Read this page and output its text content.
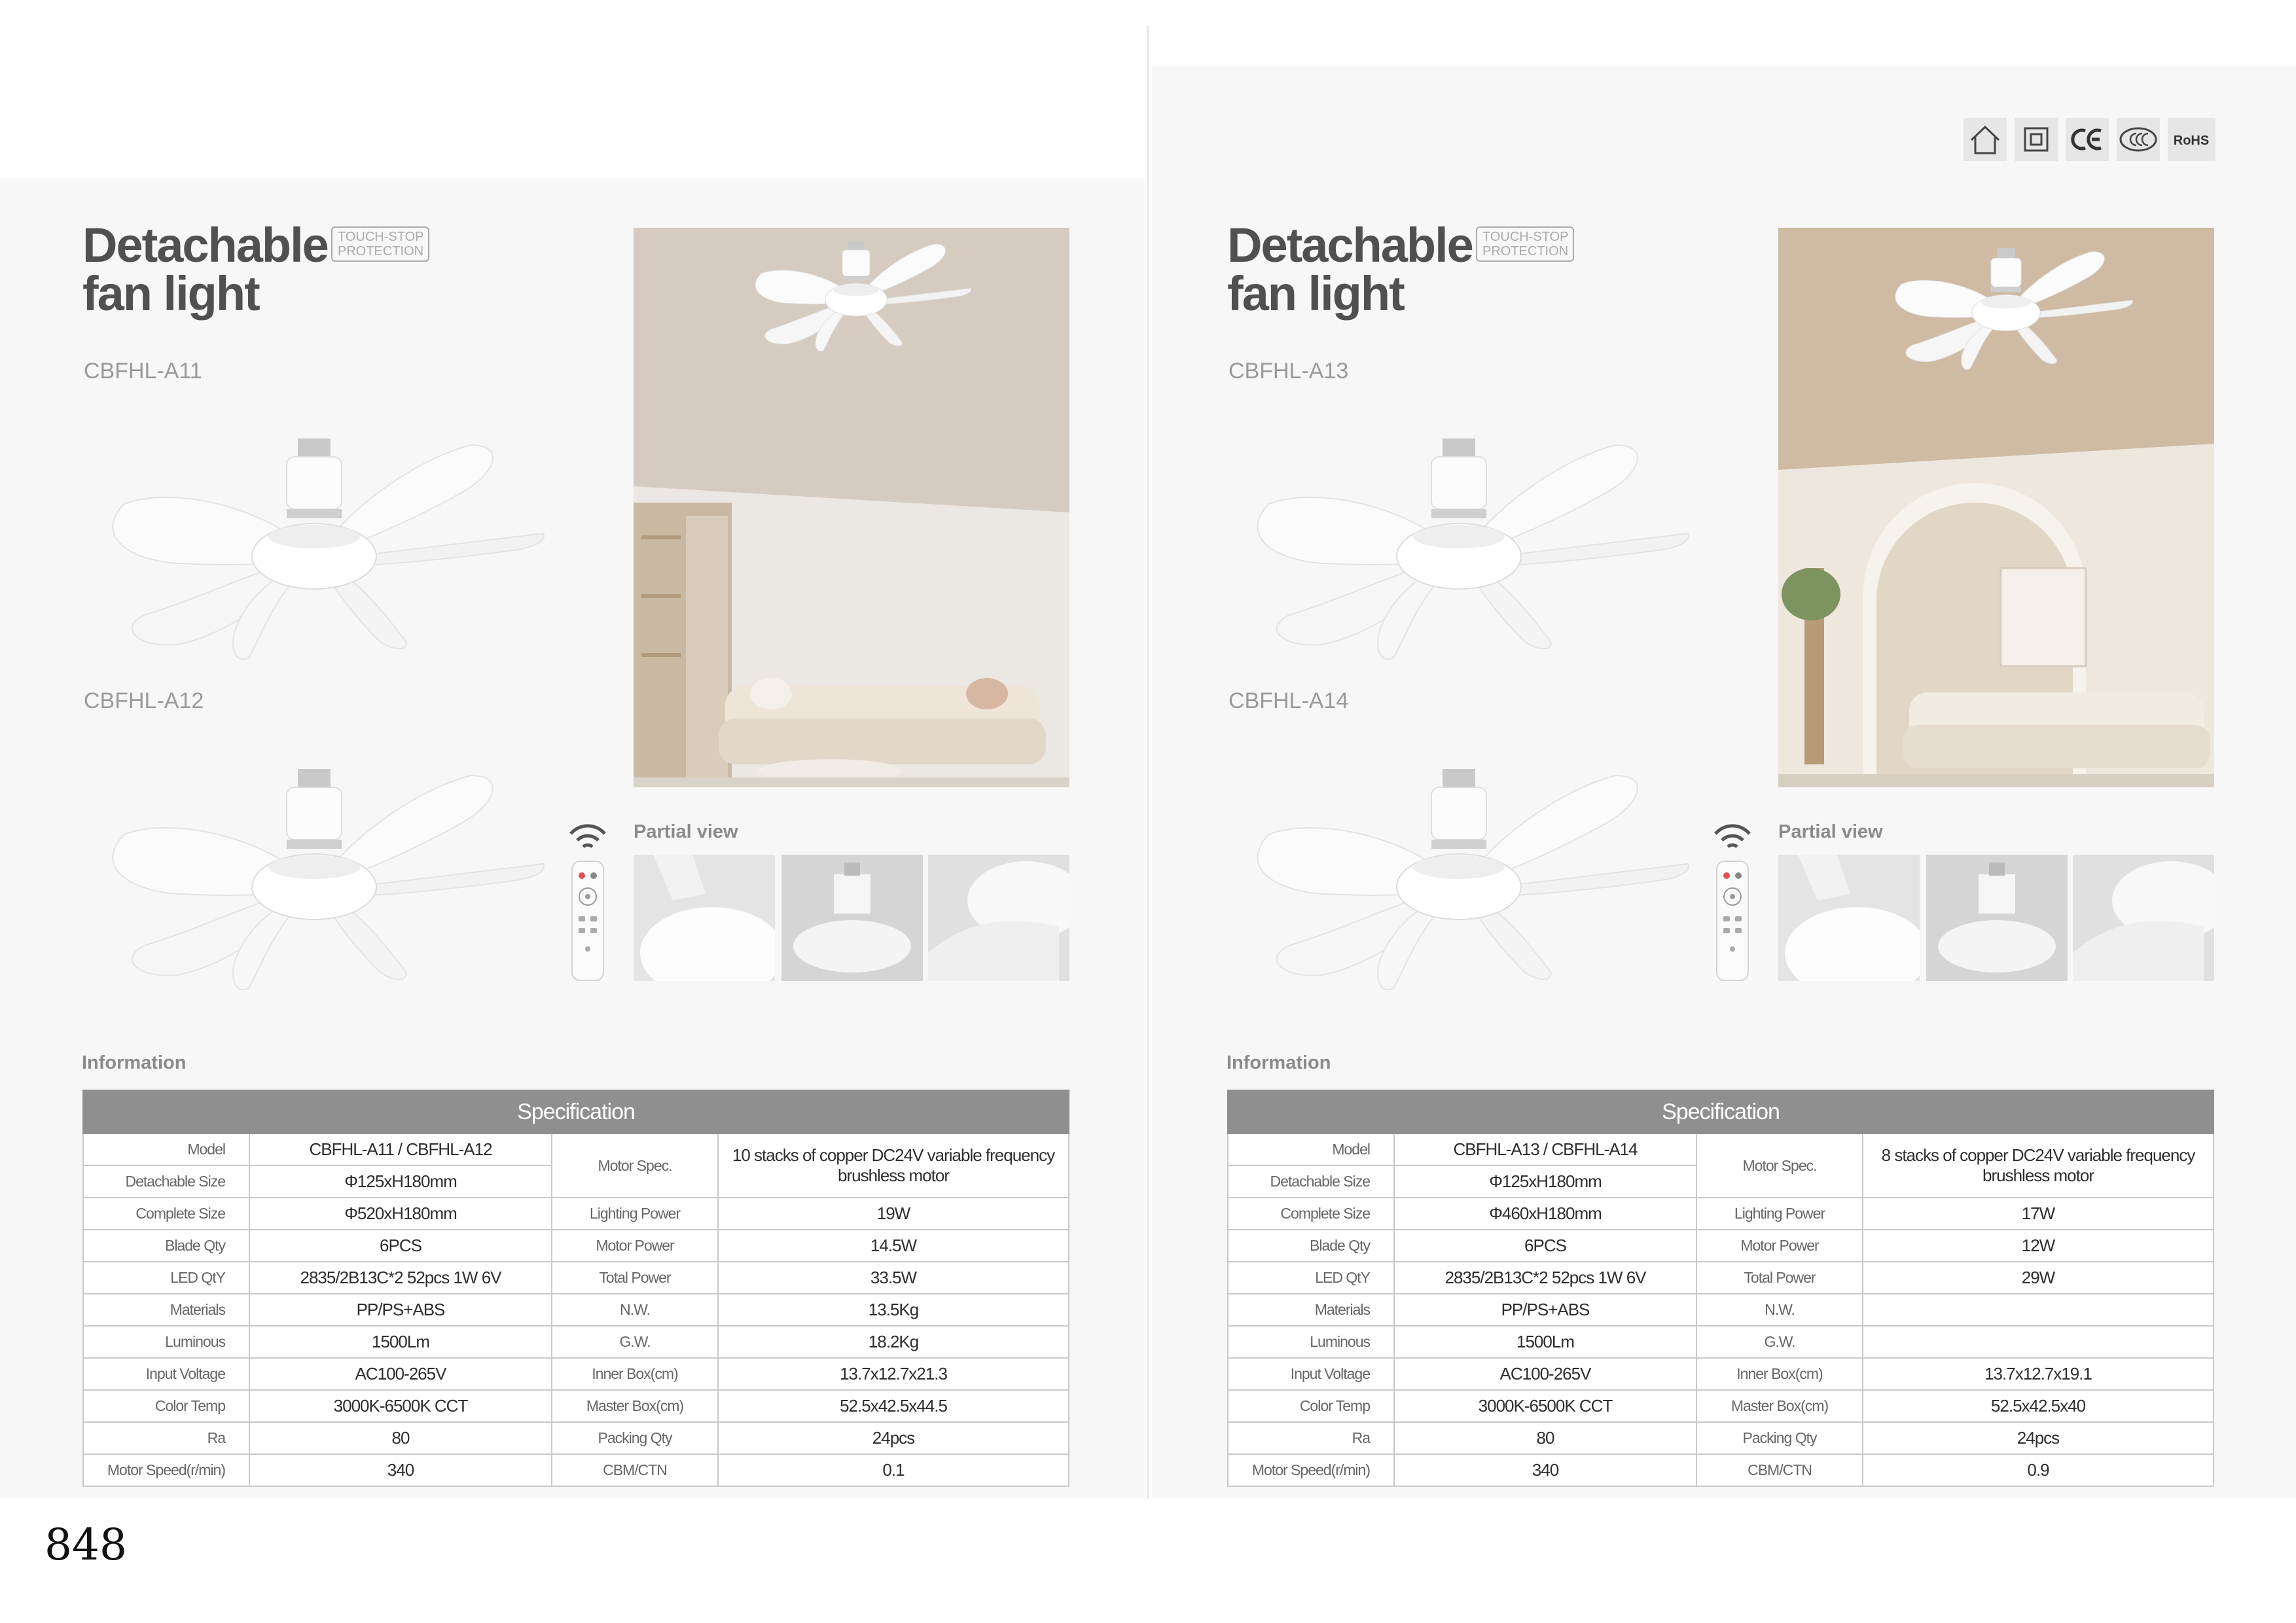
RoHS
Detachable
fan light
TOUCH-STOP
PROTECTION
CBFHL-A11
CBFHL-A12
Partial view
Information
Specification			
Model	CBFHL-A11 / CBFHL-A12	Motor Spec.	10 stacks of copper DC24V variable frequency brushless motor
Detachable Size	Φ125xH180mm		
Complete Size	Φ520xH180mm	Lighting Power	19W
Blade Qty	6PCS	Motor Power	14.5W
LED QtY	2835/2B13C*2 52pcs 1W 6V	Total Power	33.5W
Materials	PP/PS+ABS	N.W.	13.5Kg
Luminous	1500Lm	G.W.	18.2Kg
Input Voltage	AC100-265V	Inner Box(cm)	13.7x12.7x21.3
Color Temp	3000K-6500K CCT	Master Box(cm)	52.5x42.5x44.5
Ra	80	Packing Qty	24pcs
Motor Speed(r/min)	340	CBM/CTN	0.1
Detachable
fan light
TOUCH-STOP
PROTECTION
CBFHL-A13
CBFHL-A14
Partial view
Information
Specification			
Model	CBFHL-A13 / CBFHL-A14	Motor Spec.	8 stacks of copper DC24V variable frequency brushless motor
Detachable Size	Φ125xH180mm		
Complete Size	Φ460xH180mm	Lighting Power	17W
Blade Qty	6PCS	Motor Power	12W
LED QtY	2835/2B13C*2 52pcs 1W 6V	Total Power	29W
Materials	PP/PS+ABS	N.W.	
Luminous	1500Lm	G.W.	
Input Voltage	AC100-265V	Inner Box(cm)	13.7x12.7x19.1
Color Temp	3000K-6500K CCT	Master Box(cm)	52.5x42.5x40
Ra	80	Packing Qty	24pcs
Motor Speed(r/min)	340	CBM/CTN	0.9
848
